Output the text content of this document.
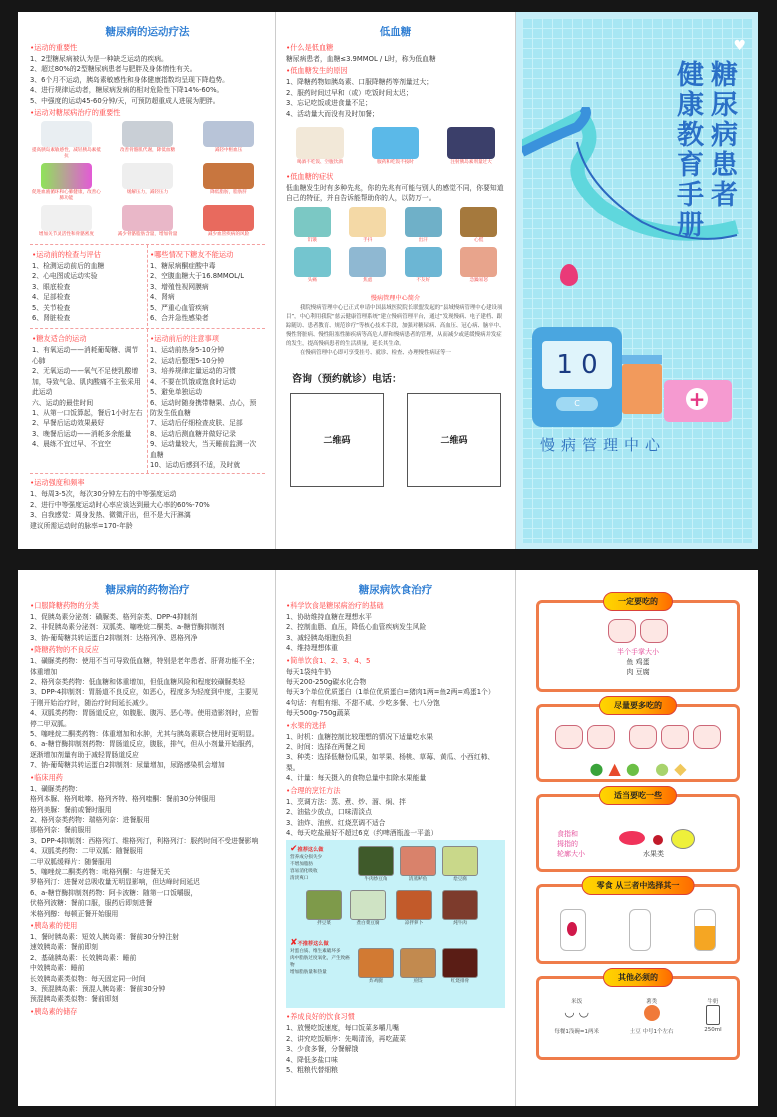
糖尿病的运动疗法
•运动的重要性
1、2型糖尿病被认为是一种缺乏运动的疾病。
2、超过80%的2型糖尿病患者与肥胖及身体惰性有关。
3、6个月不运动，胰岛素敏感性和身体健康指数均呈现下降趋势。
4、进行规律运动者，糖尿病发病的相对危险性下降14%-60%。
5、中强度的运动45-60分钟/天，可预防超重成人进展为肥胖。
•运动对糖尿病治疗的重要性
提高胰岛素敏感性，减轻胰岛素抵抗
改善骨骼肌代谢，降低血糖	减轻中枢血压
促进血液循环和心肺健康，改善心肺功能
缓解压力，减轻压力	降低脂肪，脂肪肝
增加关节灵活性和骨骼密度	减少骨骼脂肪含量，增加骨量	减少血管疾病的风险
•运动前的检查与评估
1、检测运动前后的血糖
2、心电图或运动实验
3、眼底检查
4、足部检查
5、关节检查
6、肾脏检查
•哪些情况下糖友不能运动
1、糖尿病酮症酸中毒
2、空腹血糖大于16.8MMOL/L
3、增殖性视网膜病
4、肾病
5、严重心血管疾病
6、合并急性感染者
•糖友适合的运动
1、有氧运动——消耗葡萄糖、调节心肺
2、无氧运动——氧气不足使乳酸增加，导致气急、肌肉酸痛不主张采用此运动
六、运动的最佳时间
1、从第一口饭算起，餐后1小时左右
2、早餐后运动效果最好
3、晚餐后运动——消耗多余能量
4、晨练不宜过早、不宜空
•运动前后的注意事项
1、运动前热身5-10分钟
2、运动后整理5-10分钟
3、培养规律定量运动的习惯
4、不要在饥饿或饱食时运动
5、避免单独运动
6、运动时随身携带糖果、点心，预防发生低血糖
7、运动后仔细检查皮肤、足部
8、运动后测血糖并做好记录
9、运动量较大，当天睡前监测一次血糖
10、运动后感到不适，及时就
•运动强度和频率
1、每周3-5次，每次30分钟左右的中等强度运动
2、进行中等强度运动时心率应该达到最大心率的60%-70%
3、自我感觉：周身发热、微微汗出，但不是大汗淋漓
建议所需运动时的脉率=170-年龄
低血糖
•什么是低血糖
糖尿病患者，血糖≤3.9MMOL / L时，称为低血糖
•低血糖发生的原因
1、降糖药物如胰岛素、口服降糖药等剂量过大；
2、服药时间过早和（或）吃饭时间太迟；
3、忘记吃饭或进食量不足；
4、活动量大而没有及时加餐；
喝酒不吃饭、空腹饮酒	服药和吃饭不按时	注射胰岛素剂量过大
•低血糖的症状
低血糖发生时有多种先兆，你的先兆有可能与别人的感觉不同，你要知道自己的特征，并自告诉能帮助你的人，以防万一。
饥饿	手抖	出汗	心慌
头痛	焦虑	不友好	急躁易怒
慢病管理中心简介
我院慢病管理中心已正式申请中国县域医院院长联盟发起的“县域慢病管理中心建设项目”，中心利用我院“慈云健康管理系统”建立慢病管理平台，通过“发现慢病、电子建档、跟踪随访、患者教育、规范诊疗”等核心技术手段，加强对糖尿病、高血压、冠心病、脑卒中、慢性肾脏病、慢性阻塞性肺疾病等高危人群和慢病患者的管理，从而减少或延缓慢病并发症的发生，提高慢病患者的生活质量，延长其生命。
在慢病管理中心即可享受挂号、就诊、检查、办理慢性病证等一
咨询（预约就诊）电话：
二维码	二维码
♥
糖尿病患者
健康教育手册
1 0
C	+
慢病管理中心
糖尿病的药物治疗
•口服降糖药物的分类
1、促胰岛素分泌剂：磺脲类、格列奈类、DPP-4抑制剂
2、非促胰岛素分泌剂：双胍类、噻唑烷二酮类、a-糖苷酶抑制剂
3、钠-葡萄糖共转运蛋白2抑制剂：达格列净、恩格列净
•降糖药物的不良反应
1、磺脲类药物：使用不当可导致低血糖，特别是老年患者、肝肾功能不全；体重增加
2、格列奈类药物：低血糖和体重增加，但低血糖风险和程度较磺脲类轻
3、DPP-4抑制剂：胃肠道不良反应，如恶心，程度多为轻度到中度，主要见于刚开始治疗时，随治疗时间延长减少。
4、双胍类药物：胃肠道反应，如腹胀、腹泻、恶心等。使用造影剂时，应暂停二甲双胍。
5、噻唑烷二酮类药物：体重增加和水肿，尤其与胰岛素联合使用时更明显。
6、a-糖苷酶抑制剂药物：胃肠道反应，腹胀，排气，但从小剂量开始服药，逐渐增加剂量有助于减轻胃肠道反应
7、钠-葡萄糖共转运蛋白2抑制剂：尿量增加，尿路感染机会增加
•临床用药
1、磺脲类药物：
格列本脲、格列吡嗪、格列齐特、格列喹酮：餐前30分钟服用
格列美脲：餐前或餐时服用
2、格列奈类药物：瑞格列奈：进餐服用
那格列奈：餐前服用
3、DPP-4抑制剂：西格列汀、维格列汀，利格列汀：服药时间不受进餐影响
4、双胍类药物：二甲双胍：随餐服用
二甲双胍缓释片：随餐服用
5、噻唑烷二酮类药物：吡格列酮：与进餐无关
罗格列汀：进餐对总吸收量无明显影响，但达峰时间延迟
6、a-糖苷酶抑制剂药物：阿卡波糖：随第一口饭嚼服，
伏格列波糖：餐前口服，服药后即刻进餐
米格列醇：每顿正餐开始服用
•胰岛素的使用
1、餐时胰岛素：短效人胰岛素：餐前30分钟注射
速效胰岛素：餐前即刻
2、基础胰岛素：长效胰岛素：睡前
中效胰岛素：睡前
长效胰岛素类似物：每天固定同一时间
3、预混胰岛素：预混人胰岛素：餐前30分钟
预混胰岛素类似物：餐前即刻
•胰岛素的储存
糖尿病饮食治疗
•科学饮食是糖尿病治疗的基础
1、协助维持血糖在理想水平
2、控制血脂、血压，降低心血管疾病发生风险
3、减轻胰岛细胞负担
4、维持理想体重
•简单饮食1、2、3、4、5
每天1袋纯牛奶
每天200-250g碳水化合物
每天3个单位优质蛋白（1单位优质蛋白=猪肉1两=鱼2两=鸡蛋1个）
4句话：有粗有细、不甜不咸、少吃多餐、七八分饱
每天500g-750g蔬菜
•水果的选择
1、时机：血糖控制比较理想的情况下适量吃水果
2、时间：选择在两餐之间
3、种类：选择低糖份瓜果，如苹果、杨桃、草莓、黄瓜、小西红柿、梨。
4、计量：每天摄入的食物总量中扣除水果能量
•合理的烹饪方法
1、烹调方法：蒸、煮、炒、溜、焖、拌
2、油盐少放点，口味清淡点
3、油炸、油煎、红烧烹调不适合
4、每天吃盐最好不超过6克（约啤酒瓶盖一平盖）
✔推荐这么做
营养成分损失少
不增加脂肪
容易消化吸收
清淡爽口	牛肉炒豆角	清蒸鲈鱼	烩豆腐
拌豆菜	煮白菜豆腐	凉拌萝卜	炖牛肉
✘不推荐这么做
对蛋白质、维生素破坏多
肉中脂肪过度氧化，产生致癌物
增加脂肪量和热量
炸鸡腿	煎饺	红烧排骨
•养成良好的饮食习惯
1、放慢吃饭速度，每口饭菜多嚼几嘴
2、讲究吃饭顺序：先喝清汤，再吃蔬菜
3、少食多餐，分餐解饿
4、降低多盐口味
5、粗粮代替细粮
一定要吃的
半个手掌大小
鱼 鸡蛋
肉 豆腐
尽量要多吃的

● ▲ ● ● ◆
适当要吃一些
食指和
拇指的
轮廓大小	水果类
零食 从三者中选择其一
其他必须的
米饭
◡ ◡
每餐1浅碗=1两米
薯类
土豆 中号1个左右
牛奶
250ml
